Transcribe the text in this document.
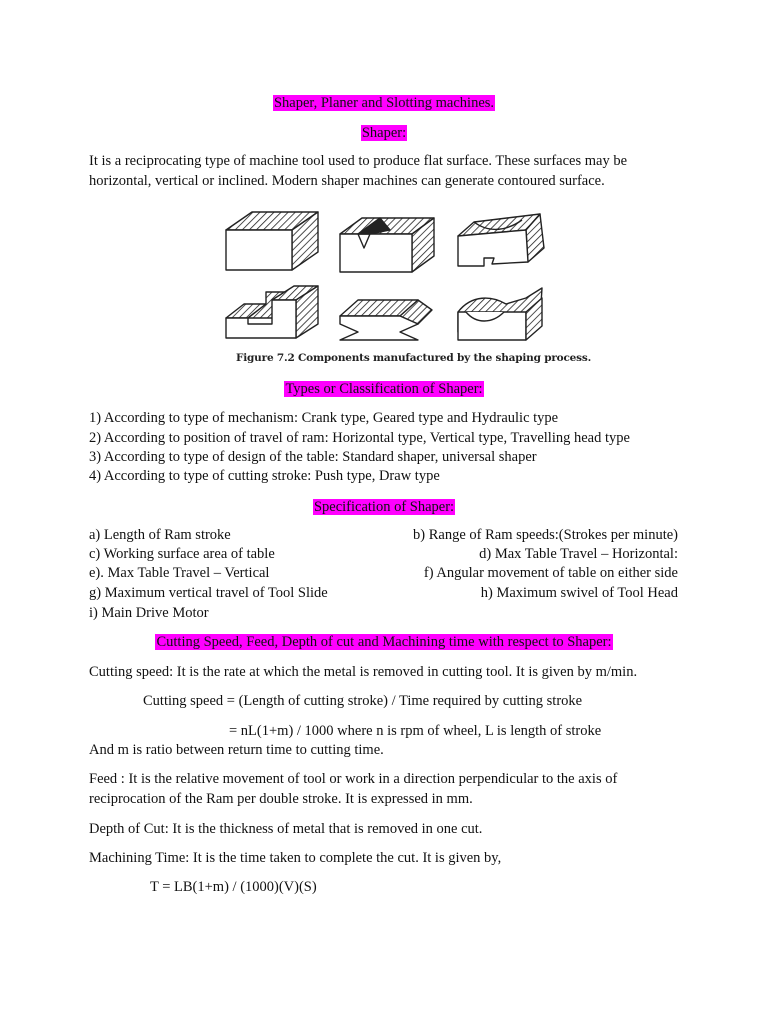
Shaper, Planer and Slotting machines.
Shaper:
It is a reciprocating type of machine tool used to produce flat surface. These surfaces may be
horizontal, vertical or inclined. Modern shaper machines can generate contoured surface.
Figure 7.2 Components manufactured by the shaping process.
Types or Classification of Shaper:
1) According to type of mechanism: Crank type, Geared type and Hydraulic type
2) According to position of travel of ram: Horizontal type, Vertical type, Travelling head type
3) According to type of design of the table: Standard shaper, universal shaper
4) According to type of cutting stroke: Push type, Draw type
Specification of Shaper:
a) Length of Ram stroke	b) Range of Ram speeds:(Strokes per minute)
c) Working surface area of table	d) Max Table Travel – Horizontal:
e). Max Table Travel – Vertical	f) Angular movement of table on either side
g) Maximum vertical travel of Tool Slide	h) Maximum swivel of Tool Head
i) Main Drive Motor
Cutting Speed, Feed, Depth of cut and Machining time with respect to Shaper:
Cutting speed: It is the rate at which the metal is removed in cutting tool. It is given by m/min.
Cutting speed = (Length of cutting stroke) / Time required by cutting stroke
= nL(1+m) / 1000 where n is rpm of wheel, L is length of stroke
And m is ratio between return time to cutting time.
Feed : It is the relative movement of tool or work in a direction perpendicular to the axis of
reciprocation of the Ram per double stroke. It is expressed in mm.
Depth of Cut: It is the thickness of metal that is removed in one cut.
Machining Time: It is the time taken to complete the cut. It is given by,
T = LB(1+m) / (1000)(V)(S)
